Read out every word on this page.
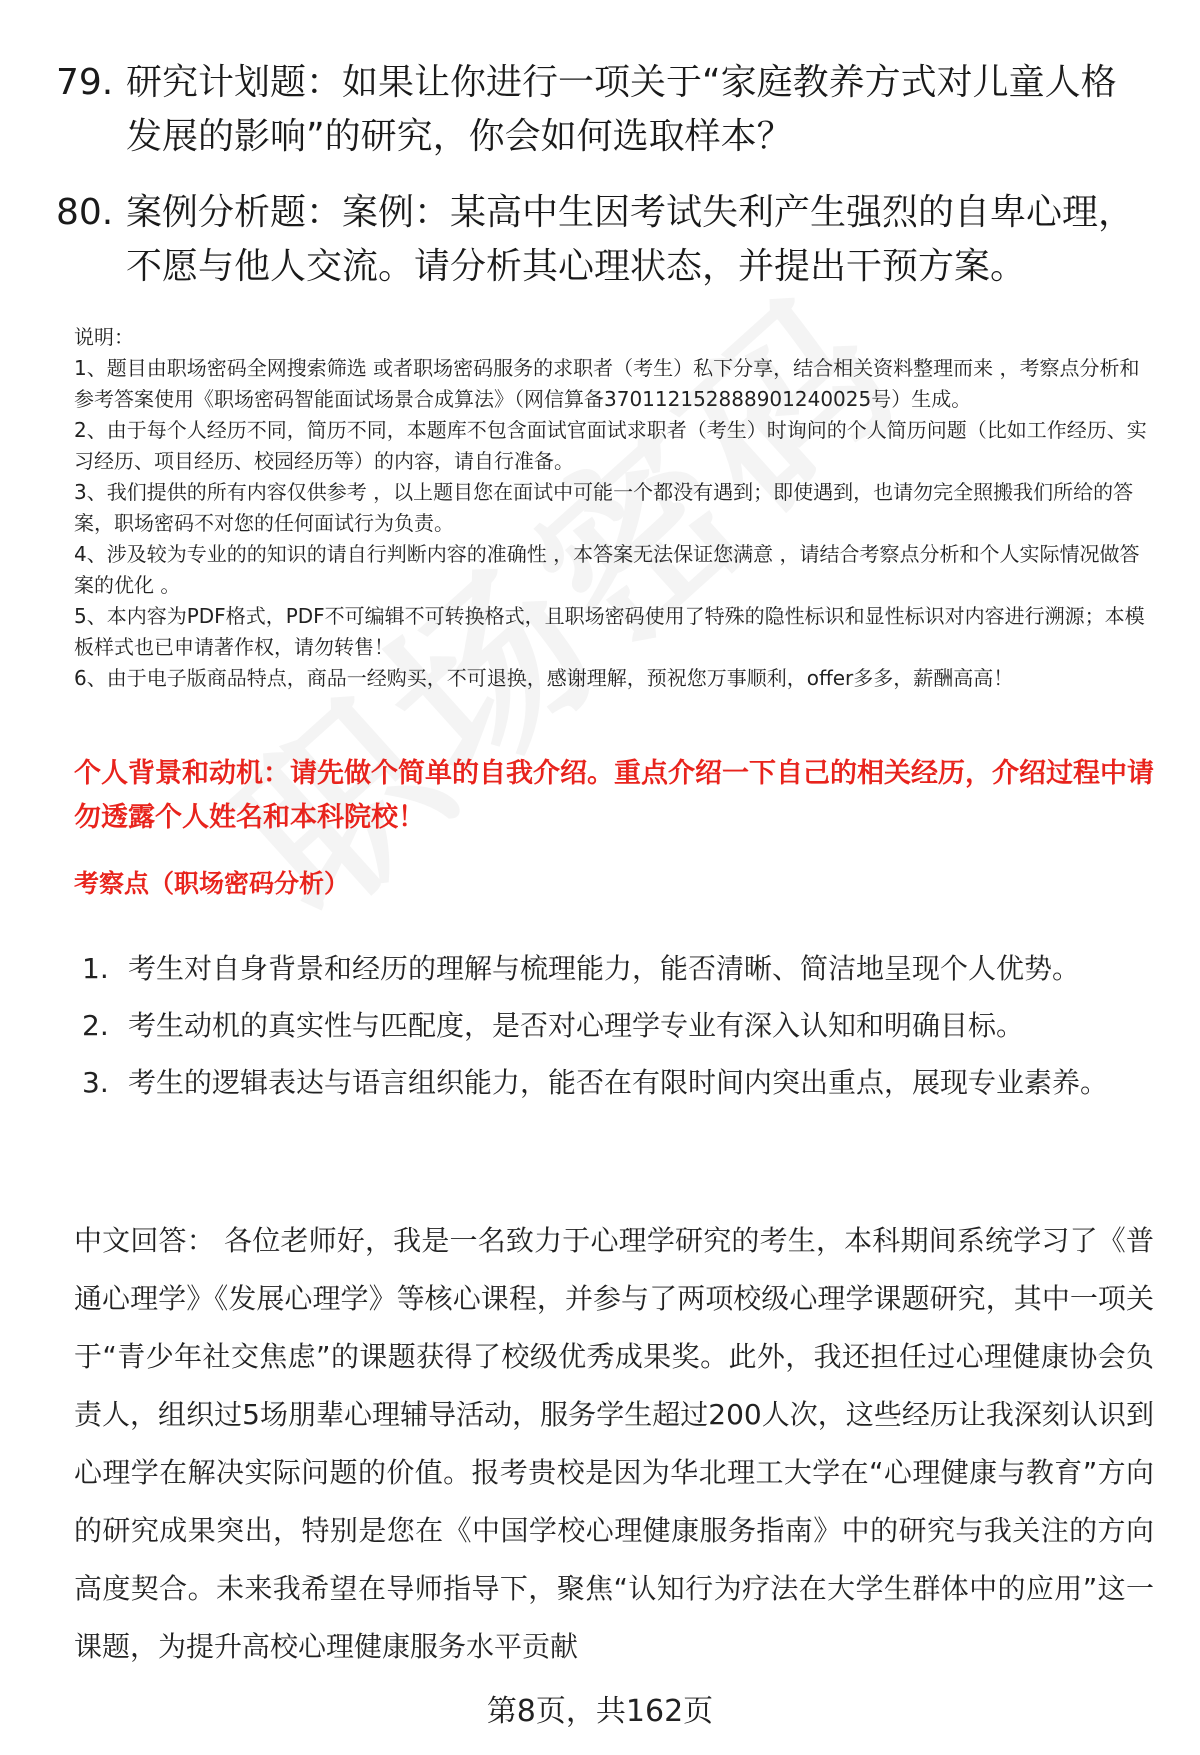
79. 研究计划题：如果让你进行一项关于“家庭教养方式对儿童人格发展的影响”的研究，你会如何选取样本？
80. 案例分析题：案例：某高中生因考试失利产生强烈的自卑心理，不愿与他人交流。请分析其心理状态，并提出干预方案。
说明：
1、题目由职场密码全网搜索筛选 或者职场密码服务的求职者（考生）私下分享，结合相关资料整理而来 ，考察点分析和参考答案使用《职场密码智能面试场景合成算法》（网信算备370112152888901240025号）生成。
2、由于每个人经历不同，简历不同，本题库不包含面试官面试求职者（考生）时询问的个人简历问题（比如工作经历、实习经历、项目经历、校园经历等）的内容，请自行准备。
3、我们提供的所有内容仅供参考 ，以上题目您在面试中可能一个都没有遇到；即使遇到，也请勿完全照搬我们所给的答案，职场密码不对您的任何面试行为负责。
4、涉及较为专业的的知识的请自行判断内容的准确性 ，本答案无法保证您满意 ，请结合考察点分析和个人实际情况做答案的优化 。
5、本内容为PDF格式，PDF不可编辑不可转换格式，且职场密码使用了特殊的隐性标识和显性标识对内容进行溯源；本模板样式也已申请著作权，请勿转售！
6、由于电子版商品特点，商品一经购买，不可退换，感谢理解，预祝您万事顺利，offer多多，薪酬高高！
个人背景和动机：请先做个简单的自我介绍。重点介绍一下自己的相关经历，介绍过程中请勿透露个人姓名和本科院校！
考察点（职场密码分析）
1. 考生对自身背景和经历的理解与梳理能力，能否清晰、简洁地呈现个人优势。
2. 考生动机的真实性与匹配度，是否对心理学专业有深入认知和明确目标。
3. 考生的逻辑表达与语言组织能力，能否在有限时间内突出重点，展现专业素养。
中文回答： 各位老师好，我是一名致力于心理学研究的考生，本科期间系统学习了《普通心理学》《发展心理学》等核心课程，并参与了两项校级心理学课题研究，其中一项关于“青少年社交焦虑”的课题获得了校级优秀成果奖。此外，我还担任过心理健康协会负责人，组织过5场朋辈心理辅导活动，服务学生超过200人次，这些经历让我深刻认识到心理学在解决实际问题的价值。报考贵校是因为华北理工大学在“心理健康与教育”方向的研究成果突出，特别是您在《中国学校心理健康服务指南》中的研究与我关注的方向高度契合。未来我希望在导师指导下，聚焦“认知行为疗法在大学生群体中的应用”这一课题，为提升高校心理健康服务水平贡献
第8页，共162页
